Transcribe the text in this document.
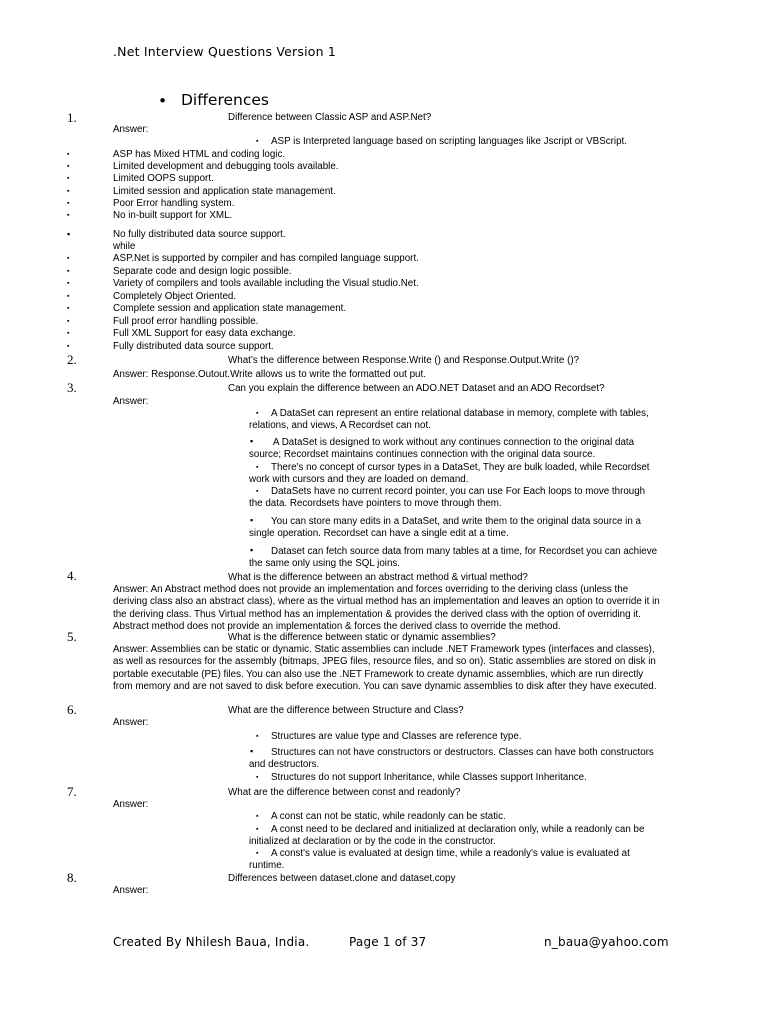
.Net Interview Questions Version 1
• Differences
1.	Difference between Classic ASP and ASP.Net?
Answer:
▪ ASP is Interpreted language based on scripting languages like Jscript or VBScript.
▪	ASP has Mixed HTML and coding logic.
▪	Limited development and debugging tools available.
▪	Limited OOPS support.
▪	Limited session and application state management.
▪	Poor Error handling system.
▪	No in-built support for XML.
▪	No fully distributed data source support.
while
▪	ASP.Net is supported by compiler and has compiled language support.
▪	Separate code and design logic possible.
▪	Variety of compilers and tools available including the Visual studio.Net.
▪	Completely Object Oriented.
▪	Complete session and application state management.
▪	Full proof error handling possible.
▪	Full XML Support for easy data exchange.
▪	Fully distributed data source support.
2.	What’s the difference between Response.Write () and Response.Output.Write ()?
Answer: Response.Outout.Write allows us to write the formatted out put.
3.	Can you explain the difference between an ADO.NET Dataset and an ADO Recordset?
Answer:
▪	A DataSet can represent an entire relational database in memory, complete with tables, relations, and views, A Recordset can not.
▪	A DataSet is designed to work without any continues connection to the original data source; Recordset maintains continues connection with the original data source.
▪	There's no concept of cursor types in a DataSet, They are bulk loaded, while Recordset work with cursors and they are loaded on demand.
▪	DataSets have no current record pointer, you can use For Each loops to move through the data. Recordsets have pointers to move through them.
▪	You can store many edits in a DataSet, and write them to the original data source in a single operation. Recordset can have a single edit at a time.
▪	Dataset can fetch source data from many tables at a time, for Recordset you can achieve the same only using the SQL joins.
4.	What is the difference between an abstract method & virtual method?
Answer: An Abstract method does not provide an implementation and forces overriding to the deriving class (unless the deriving class also an abstract class), where as the virtual method has an implementation and leaves an option to override it in the deriving class. Thus Virtual method has an implementation & provides the derived class with the option of overriding it. Abstract method does not provide an implementation & forces the derived class to override the method.
5.	What is the difference between static or dynamic assemblies?
Answer: Assemblies can be static or dynamic. Static assemblies can include .NET Framework types (interfaces and classes), as well as resources for the assembly (bitmaps, JPEG files, resource files, and so on). Static assemblies are stored on disk in portable executable (PE) files. You can also use the .NET Framework to create dynamic assemblies, which are run directly from memory and are not saved to disk before execution. You can save dynamic assemblies to disk after they have executed.
6.	What are the difference between Structure and Class?
Answer:
▪	Structures are value type and Classes are reference type.
▪	Structures can not have constructors or destructors. Classes can have both constructors and destructors.
▪	Structures do not support Inheritance, while Classes support Inheritance.
7.	What are the difference between const and readonly?
Answer:
▪	A const can not be static, while readonly can be static.
▪	A const need to be declared and initialized at declaration only, while a readonly can be initialized at declaration or by the code in the constructor.
▪	A const's value is evaluated at design time, while a readonly's value is evaluated at runtime.
8.	Differences between dataset.clone and dataset.copy
Answer:
Created By Nhilesh Baua, India.	Page 1 of 37	n_baua@yahoo.com
